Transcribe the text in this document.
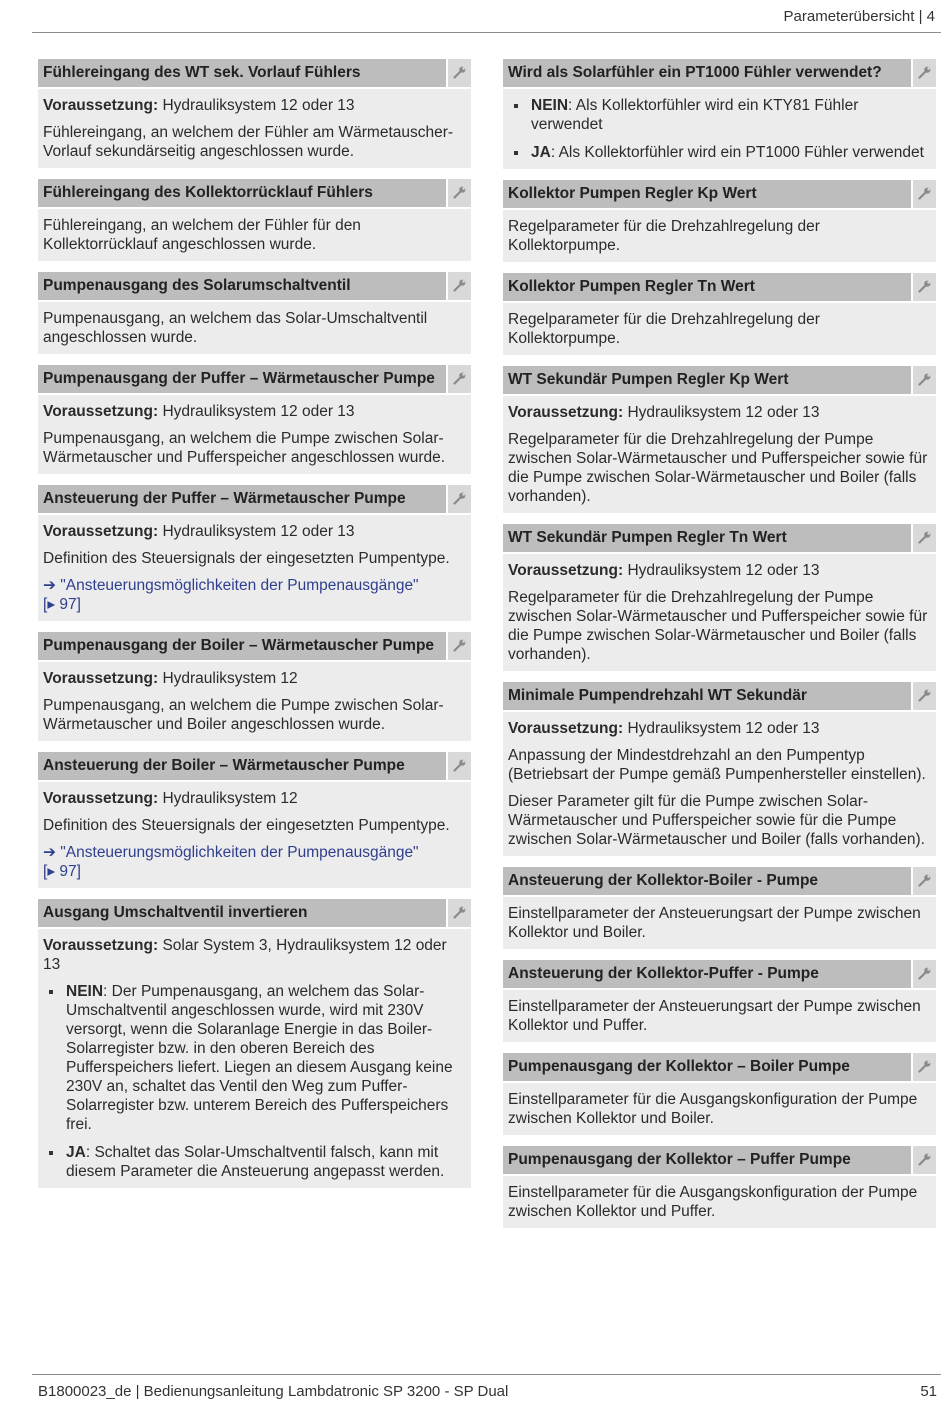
Parameterübersicht | 4
Fühlereingang des WT sek. Vorlauf Fühlers

Voraussetzung: Hydrauliksystem 12 oder 13

Fühlereingang, an welchem der Fühler am Wärmetauscher-Vorlauf sekundärseitig angeschlossen wurde.

Fühlereingang des Kollektorrücklauf Fühlers

Fühlereingang, an welchem der Fühler für den Kollektorrücklauf angeschlossen wurde.

Pumpenausgang des Solarumschaltventil

Pumpenausgang, an welchem das Solar-Umschaltventil angeschlossen wurde.

Pumpenausgang der Puffer – Wärmetauscher Pumpe

Voraussetzung: Hydrauliksystem 12 oder 13

Pumpenausgang, an welchem die Pumpe zwischen Solar-Wärmetauscher und Pufferspeicher angeschlossen wurde.

Ansteuerung der Puffer – Wärmetauscher Pumpe

Voraussetzung: Hydrauliksystem 12 oder 13

Definition des Steuersignals der eingesetzten Pumpentype.

➔ "Ansteuerungsmöglichkeiten der Pumpenausgänge"
[▸ 97]

Pumpenausgang der Boiler – Wärmetauscher Pumpe

Voraussetzung: Hydrauliksystem 12

Pumpenausgang, an welchem die Pumpe zwischen Solar-Wärmetauscher und Boiler angeschlossen wurde.

Ansteuerung der Boiler – Wärmetauscher Pumpe

Voraussetzung: Hydrauliksystem 12

Definition des Steuersignals der eingesetzten Pumpentype.

➔ "Ansteuerungsmöglichkeiten der Pumpenausgänge"
[▸ 97]

Ausgang Umschaltventil invertieren

Voraussetzung: Solar System 3, Hydrauliksystem 12 oder 13

NEIN: Der Pumpenausgang, an welchem das Solar-Umschaltventil angeschlossen wurde, wird mit 230V versorgt, wenn die Solaranlage Energie in das Boiler-Solarregister bzw. in den oberen Bereich des Pufferspeichers liefert. Liegen an diesem Ausgang keine 230V an, schaltet das Ventil den Weg zum Puffer-Solarregister bzw. unterem Bereich des Pufferspeichers frei.
JA: Schaltet das Solar-Umschaltventil falsch, kann mit diesem Parameter die Ansteuerung angepasst werden.
Wird als Solarfühler ein PT1000 Fühler verwendet?
NEIN: Als Kollektorfühler wird ein KTY81 Fühler verwendet
JA: Als Kollektorfühler wird ein PT1000 Fühler verwendet
Kollektor Pumpen Regler Kp Wert

Regelparameter für die Drehzahlregelung der Kollektorpumpe.

Kollektor Pumpen Regler Tn Wert

Regelparameter für die Drehzahlregelung der Kollektorpumpe.

WT Sekundär Pumpen Regler Kp Wert

Voraussetzung: Hydrauliksystem 12 oder 13

Regelparameter für die Drehzahlregelung der Pumpe zwischen Solar-Wärmetauscher und Pufferspeicher sowie für die Pumpe zwischen Solar-Wärmetauscher und Boiler (falls vorhanden).

WT Sekundär Pumpen Regler Tn Wert

Voraussetzung: Hydrauliksystem 12 oder 13

Regelparameter für die Drehzahlregelung der Pumpe zwischen Solar-Wärmetauscher und Pufferspeicher sowie für die Pumpe zwischen Solar-Wärmetauscher und Boiler (falls vorhanden).

Minimale Pumpendrehzahl WT Sekundär

Voraussetzung: Hydrauliksystem 12 oder 13

Anpassung der Mindestdrehzahl an den Pumpentyp (Betriebsart der Pumpe gemäß Pumpenhersteller einstellen).

Dieser Parameter gilt für die Pumpe zwischen Solar-Wärmetauscher und Pufferspeicher sowie für die Pumpe zwischen Solar-Wärmetauscher und Boiler (falls vorhanden).

Ansteuerung der Kollektor-Boiler - Pumpe

Einstellparameter der Ansteuerungsart der Pumpe zwischen Kollektor und Boiler.

Ansteuerung der Kollektor-Puffer - Pumpe

Einstellparameter der Ansteuerungsart der Pumpe zwischen Kollektor und Puffer.

Pumpenausgang der Kollektor – Boiler Pumpe

Einstellparameter für die Ausgangskonfiguration der Pumpe zwischen Kollektor und Boiler.

Pumpenausgang der Kollektor – Puffer Pumpe

Einstellparameter für die Ausgangskonfiguration der Pumpe zwischen Kollektor und Puffer.

B1800023_de | Bedienungsanleitung Lambdatronic SP 3200 - SP Dual	51
